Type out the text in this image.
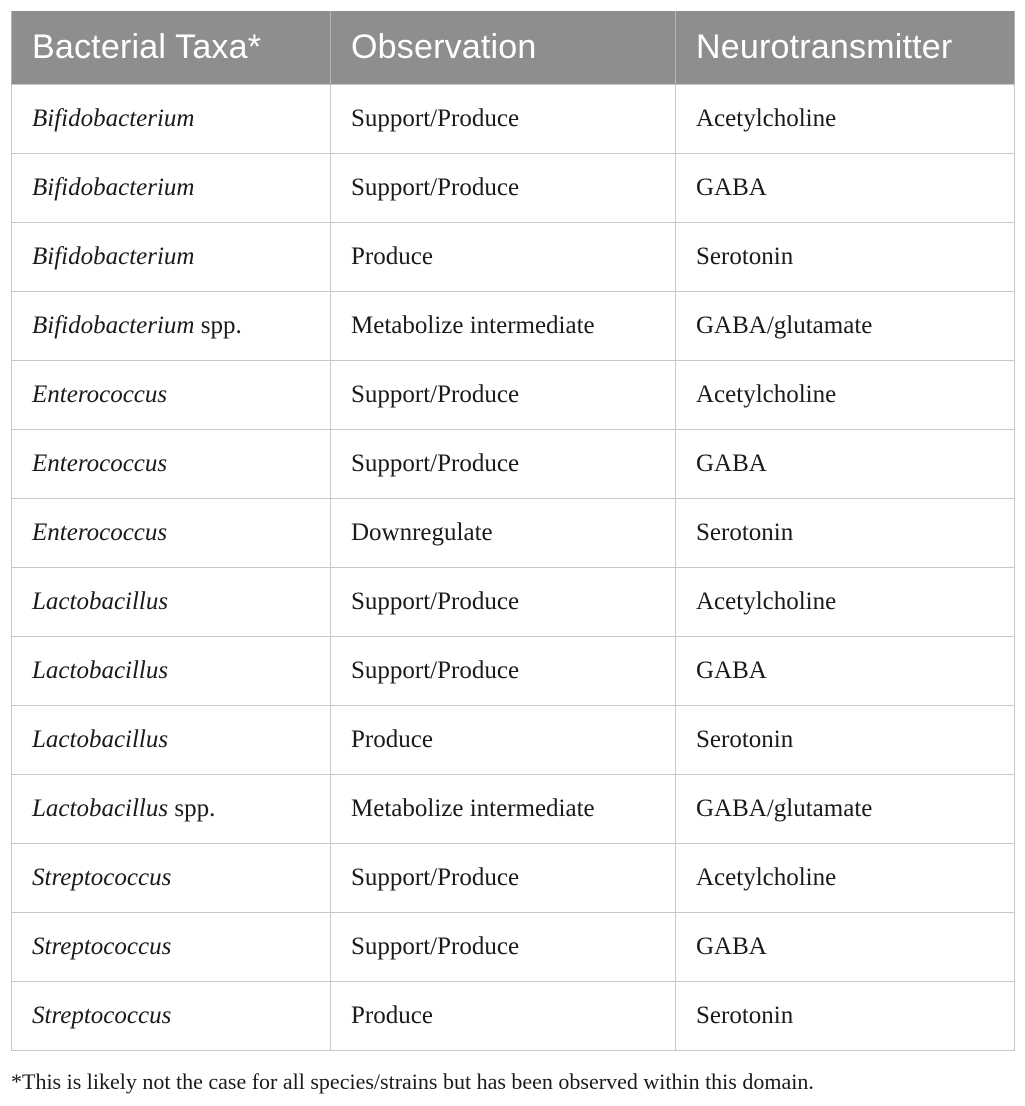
Bacterial Taxa*	Observation	Neurotransmitter
Bifidobacterium	Support/Produce	Acetylcholine
Bifidobacterium	Support/Produce	GABA
Bifidobacterium	Produce	Serotonin
Bifidobacterium spp.	Metabolize intermediate	GABA/glutamate
Enterococcus	Support/Produce	Acetylcholine
Enterococcus	Support/Produce	GABA
Enterococcus	Downregulate	Serotonin
Lactobacillus	Support/Produce	Acetylcholine
Lactobacillus	Support/Produce	GABA
Lactobacillus	Produce	Serotonin
Lactobacillus spp.	Metabolize intermediate	GABA/glutamate
Streptococcus	Support/Produce	Acetylcholine
Streptococcus	Support/Produce	GABA
Streptococcus	Produce	Serotonin
*This is likely not the case for all species/strains but has been observed within this domain.
